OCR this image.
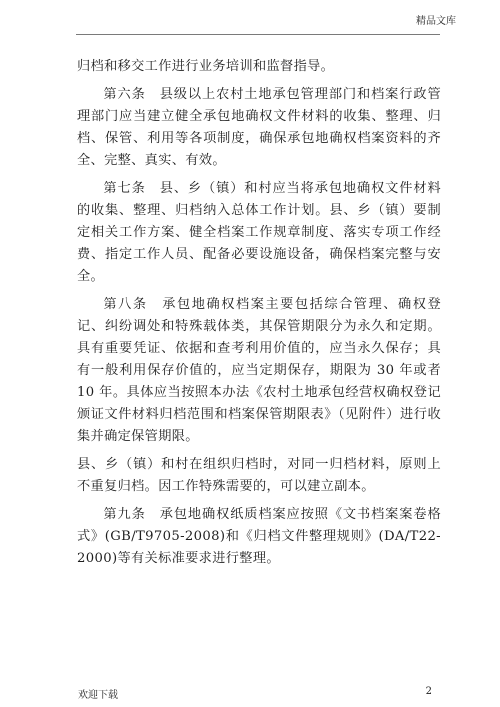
精品文库

归档和移交工作进行业务培训和监督指导。

第六条　县级以上农村土地承包管理部门和档案行政管理部门应当建立健全承包地确权文件材料的收集、整理、归档、保管、利用等各项制度，确保承包地确权档案资料的齐全、完整、真实、有效。

第七条　县、乡（镇）和村应当将承包地确权文件材料的收集、整理、归档纳入总体工作计划。县、乡（镇）要制定相关工作方案、健全档案工作规章制度、落实专项工作经费、指定工作人员、配备必要设施设备，确保档案完整与安全。

第八条　承包地确权档案主要包括综合管理、确权登记、纠纷调处和特殊载体类，其保管期限分为永久和定期。具有重要凭证、依据和查考利用价值的，应当永久保存；具有一般利用保存价值的，应当定期保存，期限为 30 年或者 10 年。具体应当按照本办法《农村土地承包经营权确权登记颁证文件材料归档范围和档案保管期限表》（见附件）进行收集并确定保管期限。

县、乡（镇）和村在组织归档时，对同一归档材料，原则上不重复归档。因工作特殊需要的，可以建立副本。

第九条　承包地确权纸质档案应按照《文书档案案卷格式》(GB/T9705-2008)和《归档文件整理规则》(DA/T22-2000)等有关标准要求进行整理。

欢迎下载	2
